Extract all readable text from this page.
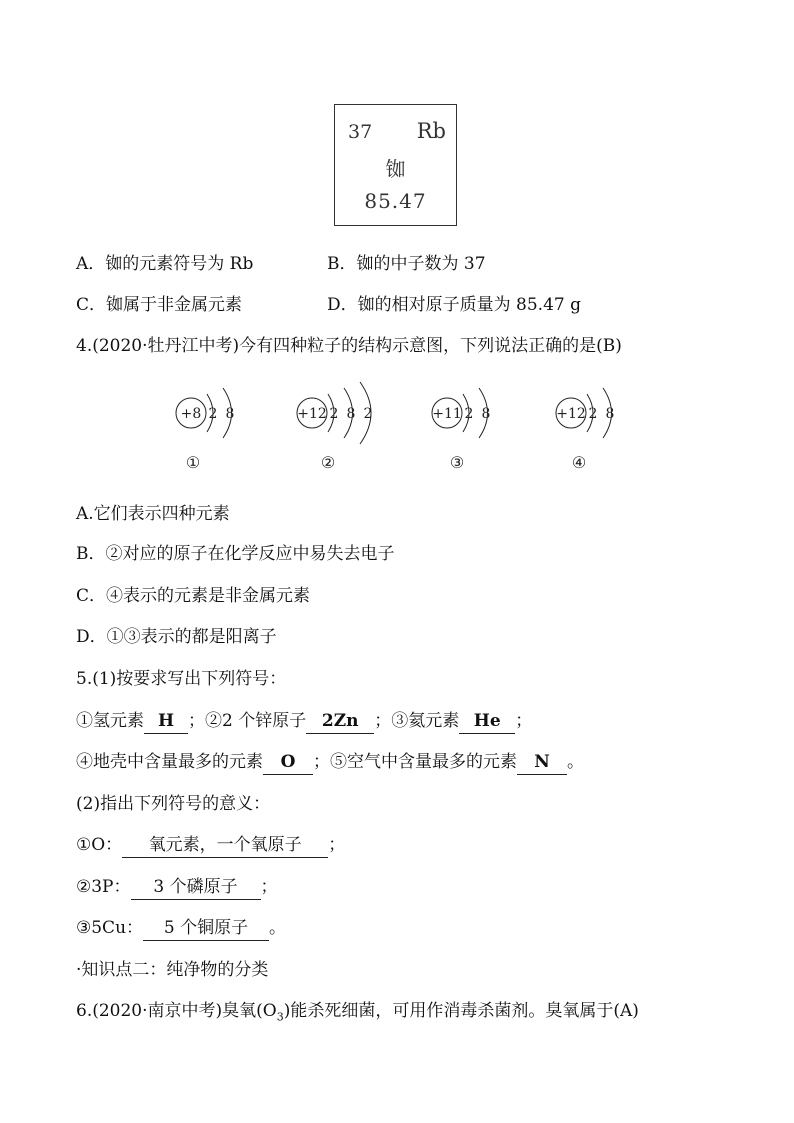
37 Rb
铷
85.47
A．铷的元素符号为 Rb	B．铷的中子数为 37
C．铷属于非金属元素	D．铷的相对原子质量为 85.47 g
4.(2020·牡丹江中考)今有四种粒子的结构示意图，下列说法正确的是(B)
+8 2 8	+12 2 8 2	+11 2 8	+12 2 8
①	②	③	④
A.它们表示四种元素
B．②对应的原子在化学反应中易失去电子
C．④表示的元素是非金属元素
D．①③表示的都是阳离子
5.(1)按要求写出下列符号：
①氢元素 H ；②2 个锌原子 2Zn ；③氦元素 He ；
④地壳中含量最多的元素 O ；⑤空气中含量最多的元素 N 。
(2)指出下列符号的意义：
①O： 氧元素，一个氧原子 ；
②3P： 3 个磷原子 ；
③5Cu： 5 个铜原子 。
·知识点二：纯净物的分类
6.(2020·南京中考)臭氧$(O_3)$能杀死细菌，可用作消毒杀菌剂。臭氧属于(A)
